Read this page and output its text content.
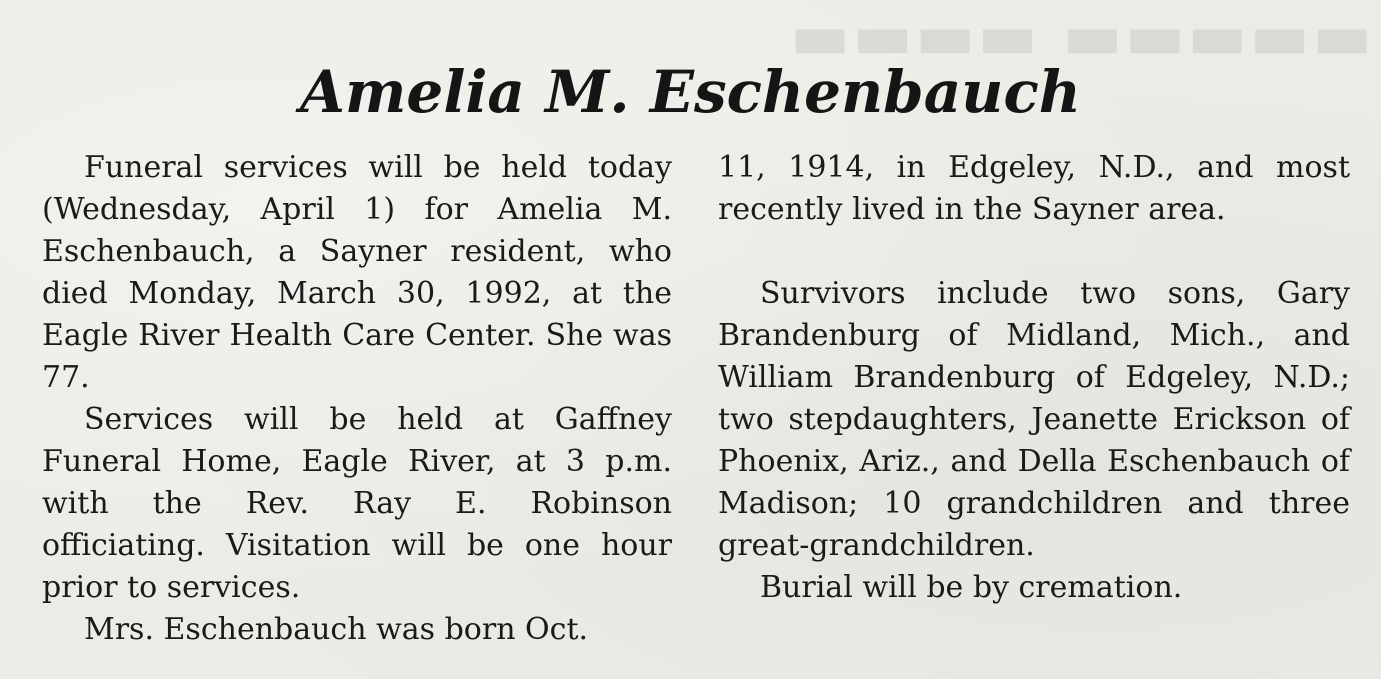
▬▬▬▬ ▬▬▬▬▬
Amelia M. Eschenbauch

Funeral services will be held today (Wednesday, April 1) for Amelia M. Eschenbauch, a Sayner resident, who died Monday, March 30, 1992, at the Eagle River Health Care Center. She was 77.

Services will be held at Gaffney Funeral Home, Eagle River, at 3 p.m. with the Rev. Ray E. Robinson officiating. Visitation will be one hour prior to services.

Mrs. Eschenbauch was born Oct.

11, 1914, in Edgeley, N.D., and most recently lived in the Sayner area.

Survivors include two sons, Gary Brandenburg of Midland, Mich., and William Brandenburg of Edgeley, N.D.; two stepdaughters, Jeanette Erickson of Phoenix, Ariz., and Della Eschenbauch of Madison; 10 grandchildren and three great-grandchildren.

Burial will be by cremation.
